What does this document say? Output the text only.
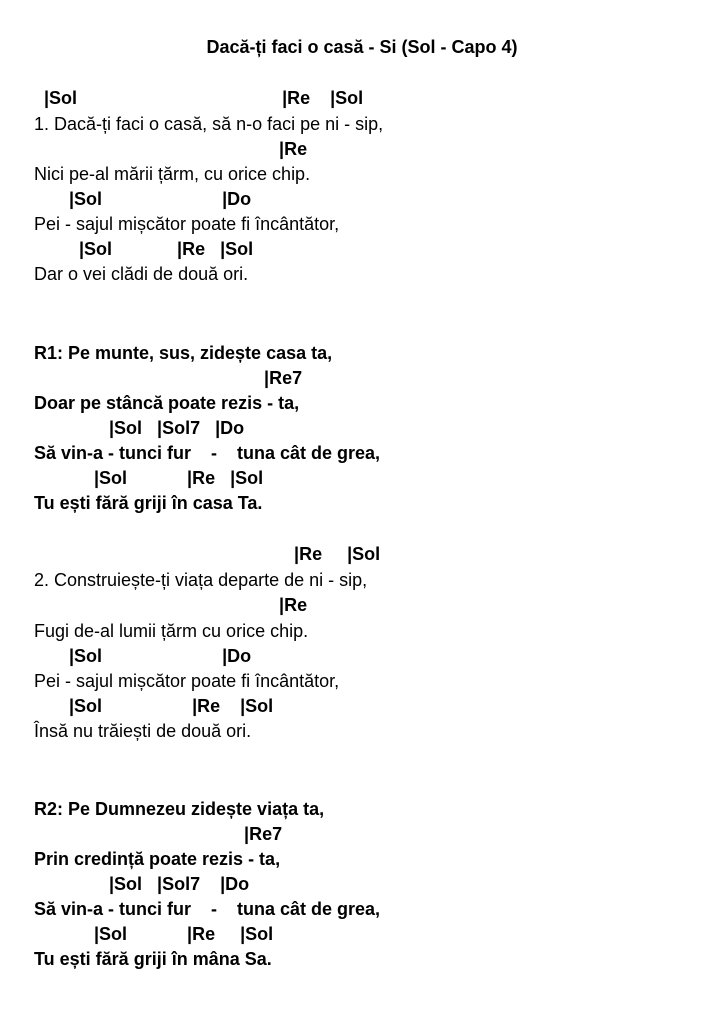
Dacă-ți faci o casă - Si (Sol - Capo 4)
|Sol                                         |Re    |Sol
1. Dacă-ți faci o casă, să n-o faci pe ni - sip,
|Re
Nici pe-al mării țărm, cu orice chip.
|Sol                        |Do
Pei - sajul mișcător poate fi încântător,
|Sol             |Re   |Sol
Dar o vei clădi de două ori.
R1: Pe munte, sus, zidește casa ta,
|Re7
Doar pe stâncă poate rezis - ta,
|Sol   |Sol7   |Do
Să vin-a - tunci fur    -    tuna cât de grea,
|Sol            |Re   |Sol
Tu ești fără griji în casa Ta.
|Re     |Sol
2. Construiește-ți viața departe de ni - sip,
|Re
Fugi de-al lumii țărm cu orice chip.
|Sol                        |Do
Pei - sajul mișcător poate fi încântător,
|Sol                  |Re    |Sol
Însă nu trăiești de două ori.
R2: Pe Dumnezeu zidește viața ta,
|Re7
Prin credință poate rezis - ta,
|Sol   |Sol7    |Do
Să vin-a - tunci fur    -    tuna cât de grea,
|Sol            |Re     |Sol
Tu ești fără griji în mâna Sa.
